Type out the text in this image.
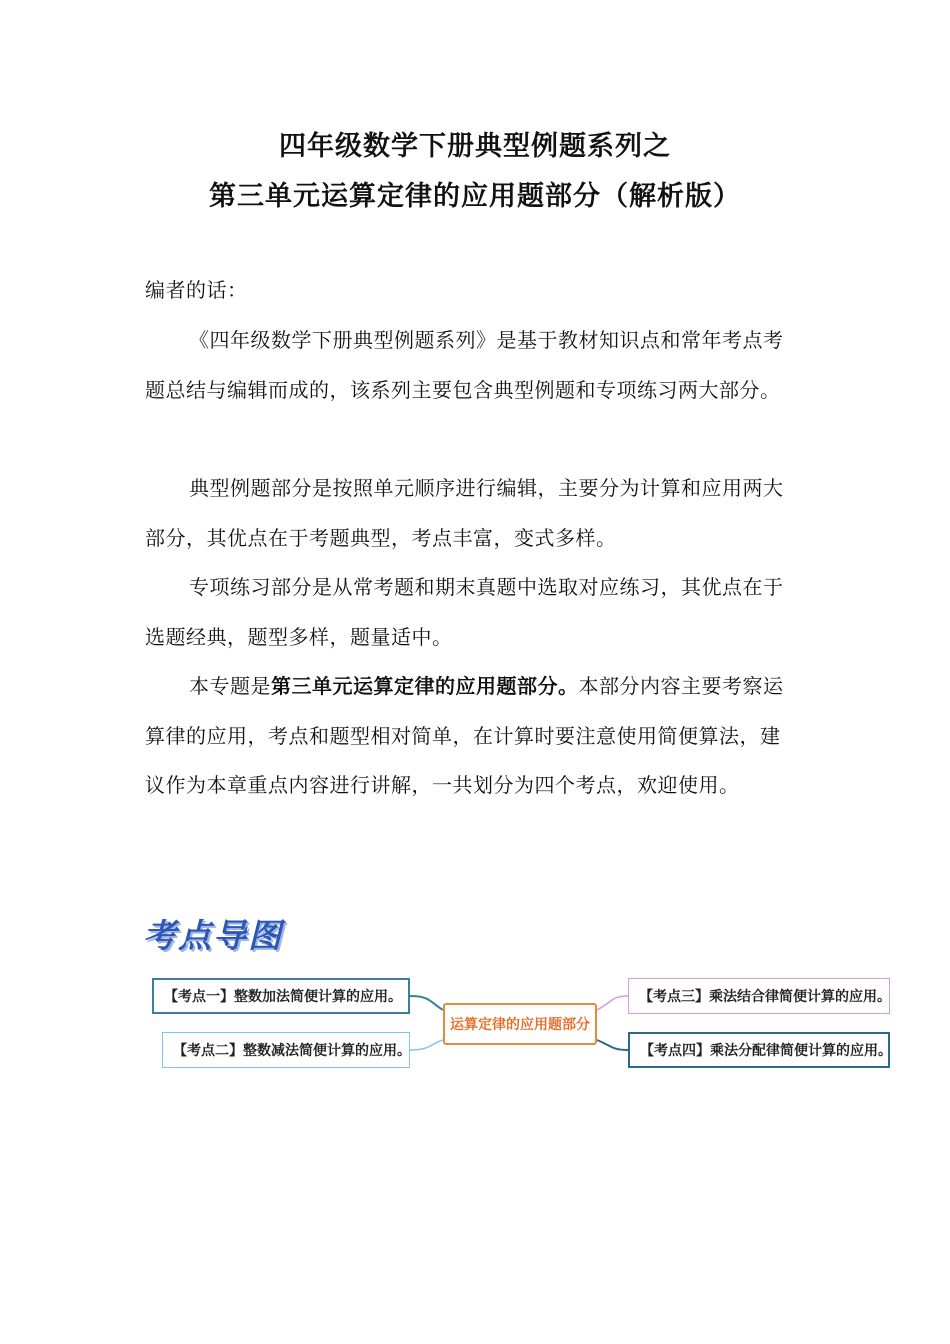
四年级数学下册典型例题系列之
第三单元运算定律的应用题部分（解析版）

编者的话：

《四年级数学下册典型例题系列》是基于教材知识点和常年考点考题总结与编辑而成的，该系列主要包含典型例题和专项练习两大部分。

典型例题部分是按照单元顺序进行编辑，主要分为计算和应用两大部分，其优点在于考题典型，考点丰富，变式多样。

专项练习部分是从常考题和期末真题中选取对应练习，其优点在于选题经典，题型多样，题量适中。

本专题是第三单元运算定律的应用题部分。本部分内容主要考察运算律的应用，考点和题型相对简单，在计算时要注意使用简便算法，建议作为本章重点内容进行讲解，一共划分为四个考点，欢迎使用。

考点导图
【考点一】整数加法简便计算的应用。
【考点二】整数减法简便计算的应用。
运算定律的应用题部分
【考点三】乘法结合律简便计算的应用。
【考点四】乘法分配律简便计算的应用。
